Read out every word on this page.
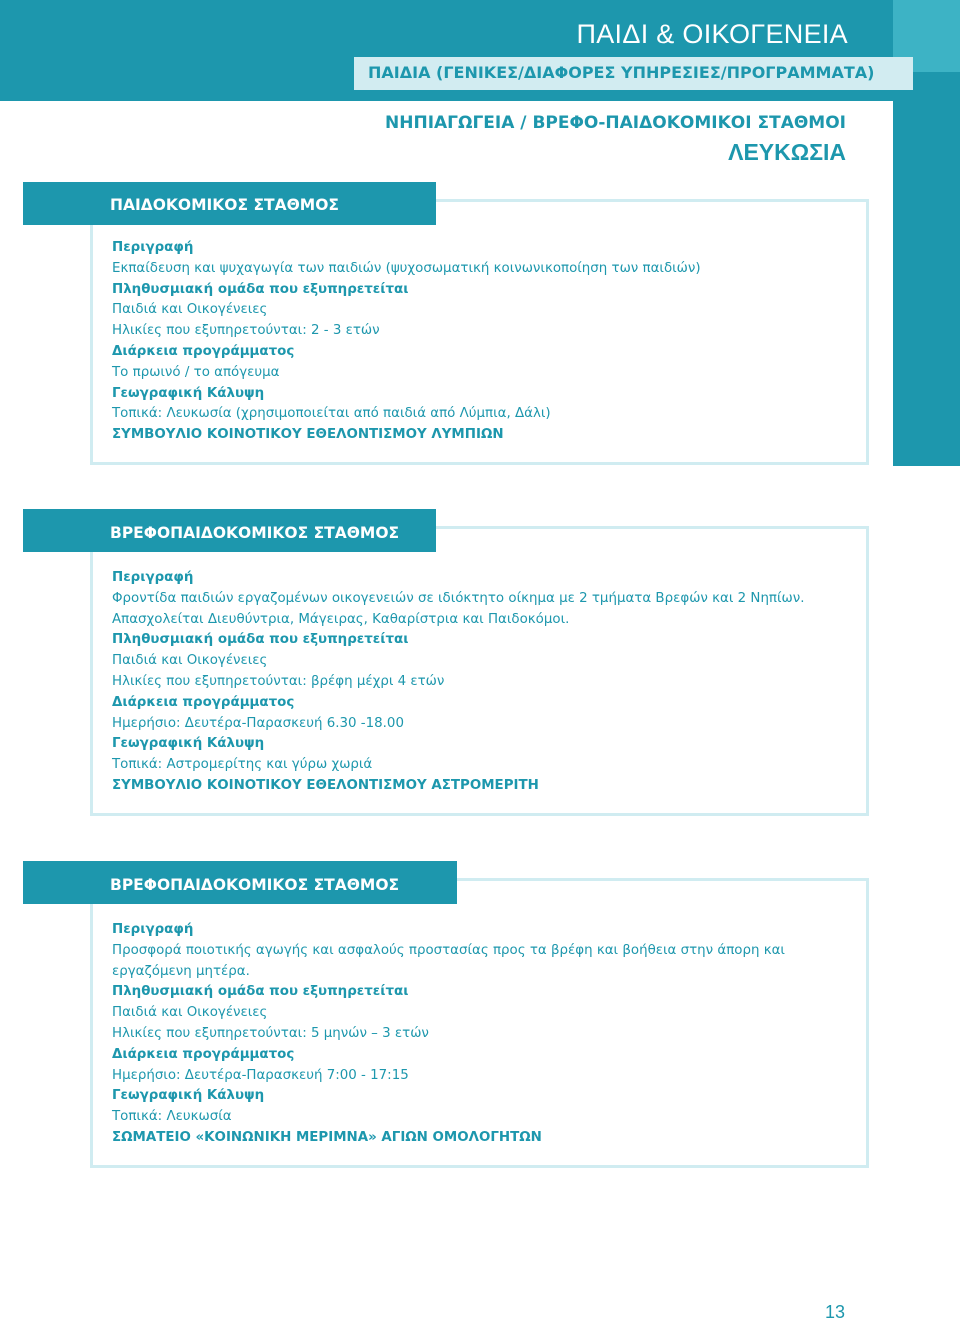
ΠΑΙΔΙ & ΟΙΚΟΓΕΝΕΙΑ
ΠΑΙΔΙΑ (ΓΕΝΙΚΕΣ/ΔΙΑΦΟΡΕΣ ΥΠΗΡΕΣΙΕΣ/ΠΡΟΓΡΑΜΜΑΤΑ)
ΝΗΠΙΑΓΩΓΕΙΑ / ΒΡΕΦΟ-ΠΑΙΔΟΚΟΜΙΚΟΙ ΣΤΑΘΜΟΙ
ΛΕΥΚΩΣΙΑ
ΠΑΙΔΟΚΟΜΙΚΟΣ ΣΤΑΘΜΟΣ
Περιγραφή
Εκπαίδευση και ψυχαγωγία των παιδιών (ψυχοσωματική κοινωνικοποίηση των παιδιών)
Πληθυσμιακή ομάδα που εξυπηρετείται
Παιδιά και Οικογένειες
Ηλικίες που εξυπηρετούνται: 2 - 3 ετών
Διάρκεια προγράμματος
Το πρωινό / το απόγευμα
Γεωγραφική Κάλυψη
Τοπικά: Λευκωσία (χρησιμοποιείται από παιδιά από Λύμπια, Δάλι)
ΣΥΜΒΟΥΛΙΟ ΚΟΙΝΟΤΙΚΟΥ ΕΘΕΛΟΝΤΙΣΜΟΥ ΛΥΜΠΙΩΝ
ΒΡΕΦΟΠΑΙΔΟΚΟΜΙΚΟΣ ΣΤΑΘΜΟΣ
Περιγραφή
Φροντίδα παιδιών εργαζομένων οικογενειών σε ιδιόκτητο οίκημα με 2 τμήματα Βρεφών και 2 Νηπίων.
Απασχολείται Διευθύντρια, Μάγειρας, Καθαρίστρια και Παιδοκόμοι.
Πληθυσμιακή ομάδα που εξυπηρετείται
Παιδιά και Οικογένειες
Ηλικίες που εξυπηρετούνται: βρέφη μέχρι 4 ετών
Διάρκεια προγράμματος
Ημερήσιο: Δευτέρα-Παρασκευή 6.30 -18.00
Γεωγραφική Κάλυψη
Τοπικά: Αστρομερίτης και γύρω χωριά
ΣΥΜΒΟΥΛΙΟ ΚΟΙΝΟΤΙΚΟΥ ΕΘΕΛΟΝΤΙΣΜΟΥ ΑΣΤΡΟΜΕΡΙΤΗ
ΒΡΕΦΟΠΑΙΔΟΚΟΜΙΚΟΣ ΣΤΑΘΜΟΣ
Περιγραφή
Προσφορά ποιοτικής αγωγής και ασφαλούς προστασίας προς τα βρέφη και βοήθεια στην άπορη και εργαζόμενη μητέρα.
Πληθυσμιακή ομάδα που εξυπηρετείται
Παιδιά και Οικογένειες
Ηλικίες που εξυπηρετούνται: 5 μηνών – 3 ετών
Διάρκεια προγράμματος
Ημερήσιο: Δευτέρα-Παρασκευή 7:00 - 17:15
Γεωγραφική Κάλυψη
Τοπικά: Λευκωσία
ΣΩΜΑΤΕΙΟ «ΚΟΙΝΩΝΙΚΗ ΜΕΡΙΜΝΑ» ΑΓΙΩΝ ΟΜΟΛΟΓΗΤΩΝ
13
